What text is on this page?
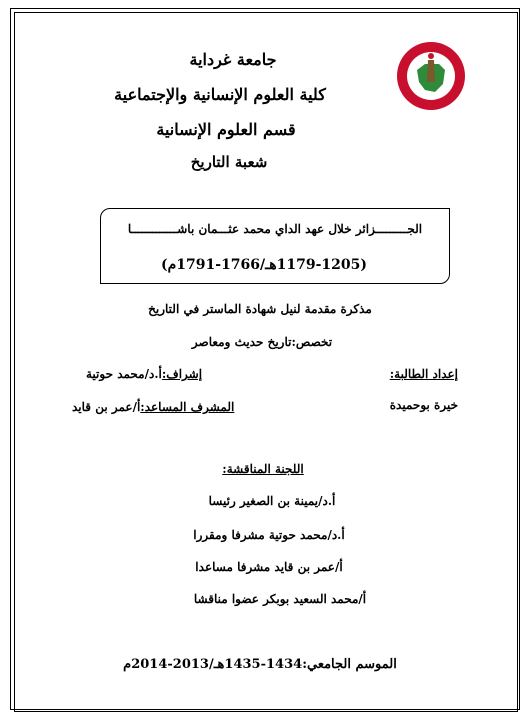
جامعة غرداية
كلية العلوم الإنسانية والإجتماعية
قسم العلوم الإنسانية
شعبة التاريخ
الجـــــــــزائر خلال عهد الداي محمد عثـــمان باشـــــــــــــا
(1179-1205هـ/1766-1791م)
مذكرة مقدمة لنيل شهادة الماستر في التاريخ
تخصص:تاريخ حديث ومعاصر
إعداد الطالبة:
خيرة بوحميدة
إشراف:أ.د/محمد حوتية
المشرف المساعد:أ/عمر بن قايد
اللجنة المناقشة:
أ.د/يمينة بن الصغير رئيسا
أ.د/محمد حوتية مشرفا ومقررا
أ/عمر بن قايد مشرفا مساعدا
أ/محمد السعيد بوبكر عضوا مناقشا
الموسم الجامعي:1434-1435هـ/2013-2014م
